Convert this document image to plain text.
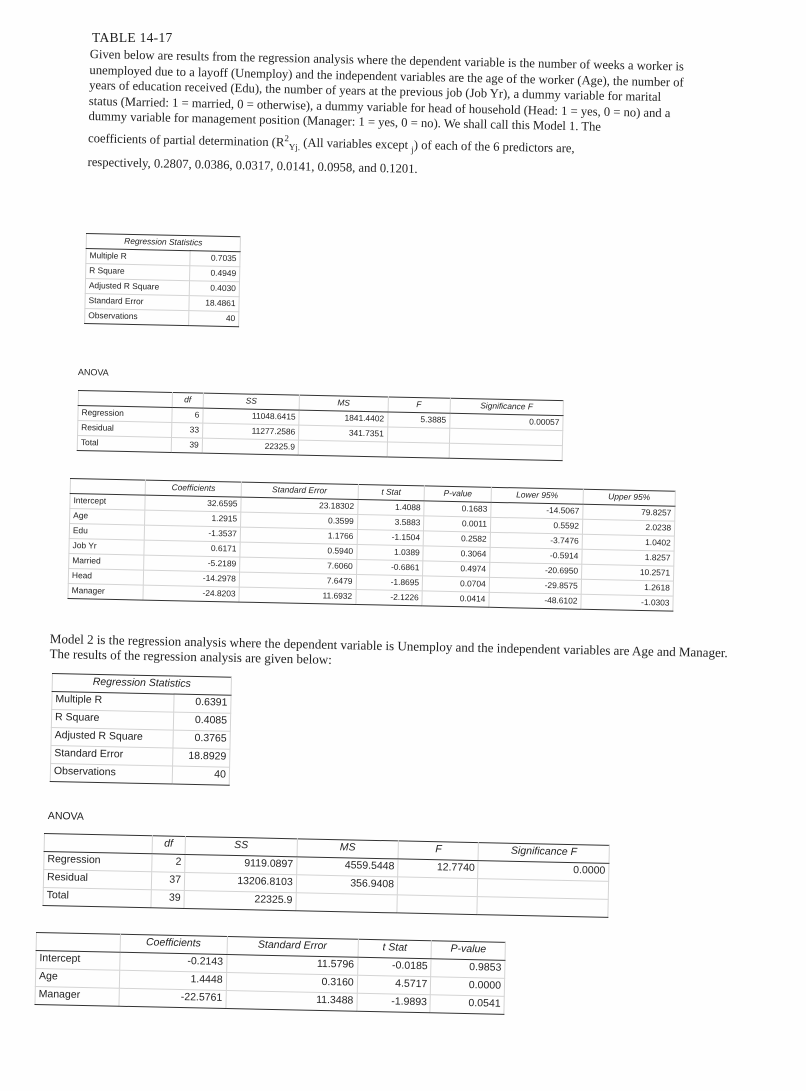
TABLE 14-17

Given below are results from the regression analysis where the dependent variable is the number of weeks a worker is unemployed due to a layoff (Unemploy) and the independent variables are the age of the worker (Age), the number of years of education received (Edu), the number of years at the previous job (Job Yr), a dummy variable for marital status (Married: 1 = married, 0 = otherwise), a dummy variable for head of household (Head: 1 = yes, 0 = no) and a dummy variable for management position (Manager: 1 = yes, 0 = no). We shall call this Model 1. The

coefficients of partial determination ($R^2_{Yj.}$ (All variables except $_j$) of each of the 6 predictors are,

respectively, 0.2807, 0.0386, 0.0317, 0.0141, 0.0958, and 0.1201.

Regression Statistics	
Multiple R	0.7035
R Square	0.4949
Adjusted R Square	0.4030
Standard Error	18.4861
Observations	40
ANOVA
	df	SS	MS	F	Significance F
Regression	6	11048.6415	1841.4402	5.3885	0.00057
Residual	33	11277.2586	341.7351		
Total	39	22325.9			
	Coefficients	Standard Error	t Stat	P-value	Lower 95%	Upper 95%
Intercept	32.6595	23.18302	1.4088	0.1683	-14.5067	79.8257
Age	1.2915	0.3599	3.5883	0.0011	0.5592	2.0238
Edu	-1.3537	1.1766	-1.1504	0.2582	-3.7476	1.0402
Job Yr	0.6171	0.5940	1.0389	0.3064	-0.5914	1.8257
Married	-5.2189	7.6060	-0.6861	0.4974	-20.6950	10.2571
Head	-14.2978	7.6479	-1.8695	0.0704	-29.8575	1.2618
Manager	-24.8203	11.6932	-2.1226	0.0414	-48.6102	-1.0303

Model 2 is the regression analysis where the dependent variable is Unemploy and the independent variables are Age and Manager. The results of the regression analysis are given below:

Regression Statistics	
Multiple R	0.6391
R Square	0.4085
Adjusted R Square	0.3765
Standard Error	18.8929
Observations	40
ANOVA
	df	SS	MS	F	Significance F
Regression	2	9119.0897	4559.5448	12.7740	0.0000
Residual	37	13206.8103	356.9408		
Total	39	22325.9			
	Coefficients	Standard Error	t Stat	P-value
Intercept	-0.2143	11.5796	-0.0185	0.9853
Age	1.4448	0.3160	4.5717	0.0000
Manager	-22.5761	11.3488	-1.9893	0.0541
